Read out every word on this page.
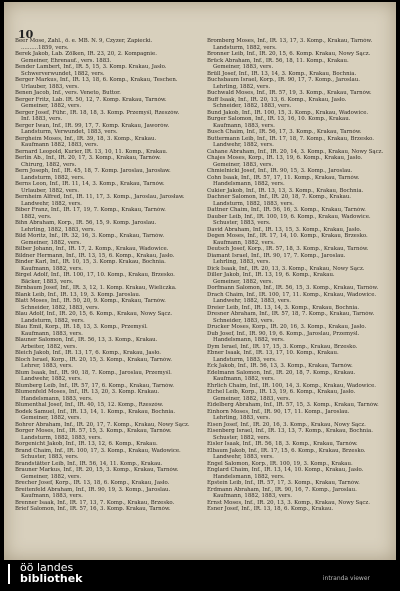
10
Beer Mose, Zahl., ö. e. MB. N. 9, Czyzer, Zapiecki.
..........1859, vers.
Berek Jakob, Lab. Zölken, IR. 23, 20, 2. Kompagnie.
Gemeiner, Ehrenauf., vers. 1883.
Bender Lambert, Inf., IR. 5, 15, 3. Komp. Krakau, Jasło.
Schwerverwundet, 1882, vers.
Berger Markus, Inf., IR. 13, 18, 6. Komp., Krakau, Teschen.
Urlauber, 1883, vers.
Benen Jacob, Inf., vers. Veneto, Buttor.
Berger Fritz, Lab. IR. 50, 12, 7. Komp. Krakau, Tarnów.
Gemeiner, 1882, vers.
Berger Josef, Führ., IR. 18, 18, 3. Komp. Przemyśl, Rzeszów.
Inf. 1883, vers.
Berger Iwan, Inf., IR. 99, 17, 7. Komp. Krakau, Jaworów.
Landsturm, Verwundet, 1883, vers.
Bergheim Moses, Inf., IR. 39, 18, 3. Komp., Krakau.
Kaufmann 1882, 1883, vers.
Bernard Leopold, Kurier, IR. 13, 10, 11. Komp., Krakau.
Berlin Ab., Inf., IR. 20, 17, 3. Komp., Krakau, Tarnów.
Chirurg, 1882, vers.
Bern Joseph, Inf., IR. 45, 18, 7. Komp. Jaroslau, Jarosław.
Landsturm, 1882, vers.
Berns Leon, Inf., IR. 11, 14, 3. Komp., Krakau, Tarnów.
Urlauber, 1882, vers.
Bernheim Alfred, Inf., IR. 11, 17, 3. Komp., Jaroslau, Jarosław.
Landwehr, 1882, vers.
Biber Franz, Inf., IR. 17, 19, 7. Komp., Krakau, Tarnów.
1882, vers.
Bihn Abraham, Korp., IR. 56, 15, 9. Komp. Jaroslau.
Lehrling, 1882, 1883, vers.
Bild Moritz, Inf., IR. 32, 16, 3. Komp., Krakau, Tarnów.
Gemeiner, 1882, vers.
Bilber Johann, Inf., IR. 17, 2. Komp., Krakau, Wadowice.
Bildner Hermann, Inf., IR. 13, 15, 6. Komp., Krakau, Jasło.
Binder Karl, Inf., IR. 10, 15, 3. Komp. Krakau, Bochnia.
Kaufmann, 1882, vers.
Birgel Adolf, Inf., IR. 100, 17, 10. Komp., Krakau, Brzesko.
Bäcker, 1883, vers.
Birnbaum Josef, Inf., IR. 3, 12, 1. Komp. Krakau, Wieliczka.
Blank Leib, Inf., IR. 13, 19, 3. Komp. Jaroslau.
Blatt Moses, Inf., IR. 50, 20, 9. Komp., Krakau, Tarnów.
Schneider, 1882, 1883, vers.
Blau Adolf, Inf., IR. 20, 15, 6. Komp., Krakau, Nowy Sącz.
Landsturm, 1882, vers.
Blau Emil, Korp., IR. 18, 13, 3. Komp., Przemyśl.
Kaufmann, 1883, vers.
Blauner Salomon, Inf., IR. 56, 13, 3. Komp., Krakau.
Arbeiter, 1882, vers.
Bleich Jakob, Inf., IR. 13, 17, 6. Komp., Krakau, Jasło.
Bloch Israel, Korp., IR. 20, 15, 3. Komp., Krakau, Tarnów.
Lehrer, 1883, vers.
Blum Isaak, Inf., IR. 90, 18, 7. Komp., Jaroslau, Przemyśl.
Landwehr, 1882, vers.
Blumberg Leib, Inf., IR. 57, 17, 6. Komp., Krakau, Tarnów.
Blumenfeld Moses, Inf., IR. 13, 20, 3. Komp. Krakau.
Handelsmann, 1883, vers.
Blumenthal Josef, Inf., IR. 40, 15, 12. Komp., Rzeszów.
Bodek Samuel, Inf., IR. 13, 14, 1. Komp., Krakau, Bochnia.
Gemeiner, 1882, vers.
Bohrer Abraham, Inf., IR. 20, 17, 7. Komp., Krakau, Nowy Sącz.
Borger Moses, Inf., IR. 57, 15, 3. Komp., Krakau, Tarnów.
Landsturm, 1882, 1883, vers.
Borgenicht Jakob, Inf., IR. 13, 12, 6. Komp., Krakau.
Brand Chaim, Inf., IR. 100, 17, 3. Komp., Krakau, Wadowice.
Schuster, 1883, vers.
Brandstätter Leib, Inf., IR. 56, 14, 11. Komp., Krakau.
Brauner Markus, Inf., IR. 20, 15, 3. Komp., Krakau, Tarnów.
Gemeiner, 1882, vers.
Brecher Josef, Korp., IR. 13, 18, 6. Komp., Krakau, Jasło.
Breitenfeld Abraham, Inf., IR. 90, 19, 3. Komp., Jaroslau.
Kaufmann, 1883, vers.
Brenner Isaak, Inf., IR. 17, 13, 7. Komp., Krakau, Brzesko.
Brief Salomon, Inf., IR. 57, 16, 3. Komp. Krakau, Tarnów.
Bromberg Moses, Inf., IR. 13, 17, 3. Komp., Krakau, Tarnów.
Landsturm, 1882, vers.
Bronner Leib, Inf., IR. 20, 15, 6. Komp. Krakau, Nowy Sącz.
Brück Abraham, Inf., IR. 56, 18, 11. Komp., Krakau.
Gemeiner, 1883, vers.
Brüll Josef, Inf., IR. 13, 14, 3. Komp., Krakau, Bochnia.
Buchsbaum Israel, Korp., IR. 90, 17, 7. Komp., Jaroslau.
Lehrling, 1882, vers.
Buchwald Moses, Inf., IR. 57, 19, 3. Komp., Krakau, Tarnów.
Buff Isaak, Inf., IR. 20, 13, 6. Komp., Krakau, Jasło.
Schneider, 1882, 1883, vers.
Bund Jakob, Inf., IR. 100, 15, 3. Komp., Krakau, Wadowice.
Burger Salomon, Inf., IR. 13, 16, 10. Komp., Krakau.
Kaufmann, 1883, vers.
Busch Chaim, Inf., IR. 56, 17, 3. Komp., Krakau, Tarnów.
Buttermann Leib, Inf., IR. 17, 18, 7. Komp., Krakau, Brzesko.
Landwehr, 1882, vers.
Cahane Abraham, Inf., IR. 20, 14, 3. Komp., Krakau, Nowy Sącz.
Chajes Moses, Korp., IR. 13, 19, 6. Komp., Krakau, Jasło.
Gemeiner, 1883, vers.
Chmielnicki Josef, Inf., IR. 90, 15, 3. Komp., Jaroslau.
Cohn Isaak, Inf., IR. 57, 17, 11. Komp., Krakau, Tarnów.
Handelsmann, 1882, vers.
Cukier Jakob, Inf., IR. 13, 13, 3. Komp., Krakau, Bochnia.
Dachner Salomon, Inf., IR. 20, 18, 7. Komp., Krakau.
Landsturm, 1882, 1883, vers.
Dattner Chaim, Inf., IR. 56, 16, 3. Komp., Krakau, Tarnów.
Dauber Leib, Inf., IR. 100, 19, 6. Komp., Krakau, Wadowice.
Schuster, 1883, vers.
David Abraham, Inf., IR. 13, 15, 3. Komp., Krakau, Jasło.
Degen Moses, Inf., IR. 17, 14, 10. Komp., Krakau, Brzesko.
Kaufmann, 1882, vers.
Deutsch Josef, Korp., IR. 57, 18, 3. Komp., Krakau, Tarnów.
Diamant Israel, Inf., IR. 90, 17, 7. Komp., Jaroslau.
Lehrling, 1883, vers.
Dick Isaak, Inf., IR. 20, 13, 3. Komp., Krakau, Nowy Sącz.
Diller Jakob, Inf., IR. 13, 19, 6. Komp., Krakau.
Gemeiner, 1882, vers.
Dorfmann Salomon, Inf., IR. 56, 15, 3. Komp., Krakau, Tarnów.
Drach Chaim, Inf., IR. 100, 17, 11. Komp., Krakau, Wadowice.
Landwehr, 1882, 1883, vers.
Dreier Leib, Inf., IR. 13, 14, 3. Komp., Krakau, Bochnia.
Dresner Abraham, Inf., IR. 57, 18, 7. Komp., Krakau, Tarnów.
Schneider, 1883, vers.
Drucker Moses, Korp., IR. 20, 16, 3. Komp., Krakau, Jasło.
Dub Josef, Inf., IR. 90, 19, 6. Komp., Jaroslau, Przemyśl.
Handelsmann, 1882, vers.
Dym Israel, Inf., IR. 17, 15, 3. Komp., Krakau, Brzesko.
Ebner Isaak, Inf., IR. 13, 17, 10. Komp., Krakau.
Landsturm, 1883, vers.
Eck Jakob, Inf., IR. 56, 13, 3. Komp., Krakau, Tarnów.
Edelmann Salomon, Inf., IR. 20, 18, 7. Komp., Krakau.
Kaufmann, 1882, vers.
Ehrlich Chaim, Inf., IR. 100, 14, 3. Komp., Krakau, Wadowice.
Eichel Leib, Korp., IR. 13, 19, 6. Komp., Krakau, Jasło.
Gemeiner, 1882, 1883, vers.
Eidelberg Abraham, Inf., IR. 57, 15, 3. Komp., Krakau, Tarnów.
Einhorn Moses, Inf., IR. 90, 17, 11. Komp., Jaroslau.
Lehrling, 1883, vers.
Eisen Josef, Inf., IR. 20, 16, 3. Komp., Krakau, Nowy Sącz.
Eisenberg Israel, Inf., IR. 13, 13, 7. Komp., Krakau, Bochnia.
Schuster, 1882, vers.
Eisler Isaak, Inf., IR. 56, 18, 3. Komp., Krakau, Tarnów.
Elbaum Jakob, Inf., IR. 17, 15, 6. Komp., Krakau, Brzesko.
Landwehr, 1883, vers.
Engel Salomon, Korp., IR. 100, 19, 3. Komp., Krakau.
Englard Chaim, Inf., IR. 13, 14, 10. Komp., Krakau, Jasło.
Handelsmann, 1882, vers.
Epstein Leib, Inf., IR. 57, 17, 3. Komp., Krakau, Tarnów.
Erdmann Abraham, Inf., IR. 90, 16, 7. Komp., Jaroslau.
Kaufmann, 1882, 1883, vers.
Ernst Moses, Inf., IR. 20, 13, 3. Komp., Krakau, Nowy Sącz.
Esner Josef, Inf., IR. 13, 18, 6. Komp., Krakau.
öö landes
bibliothek	intranda viewer
